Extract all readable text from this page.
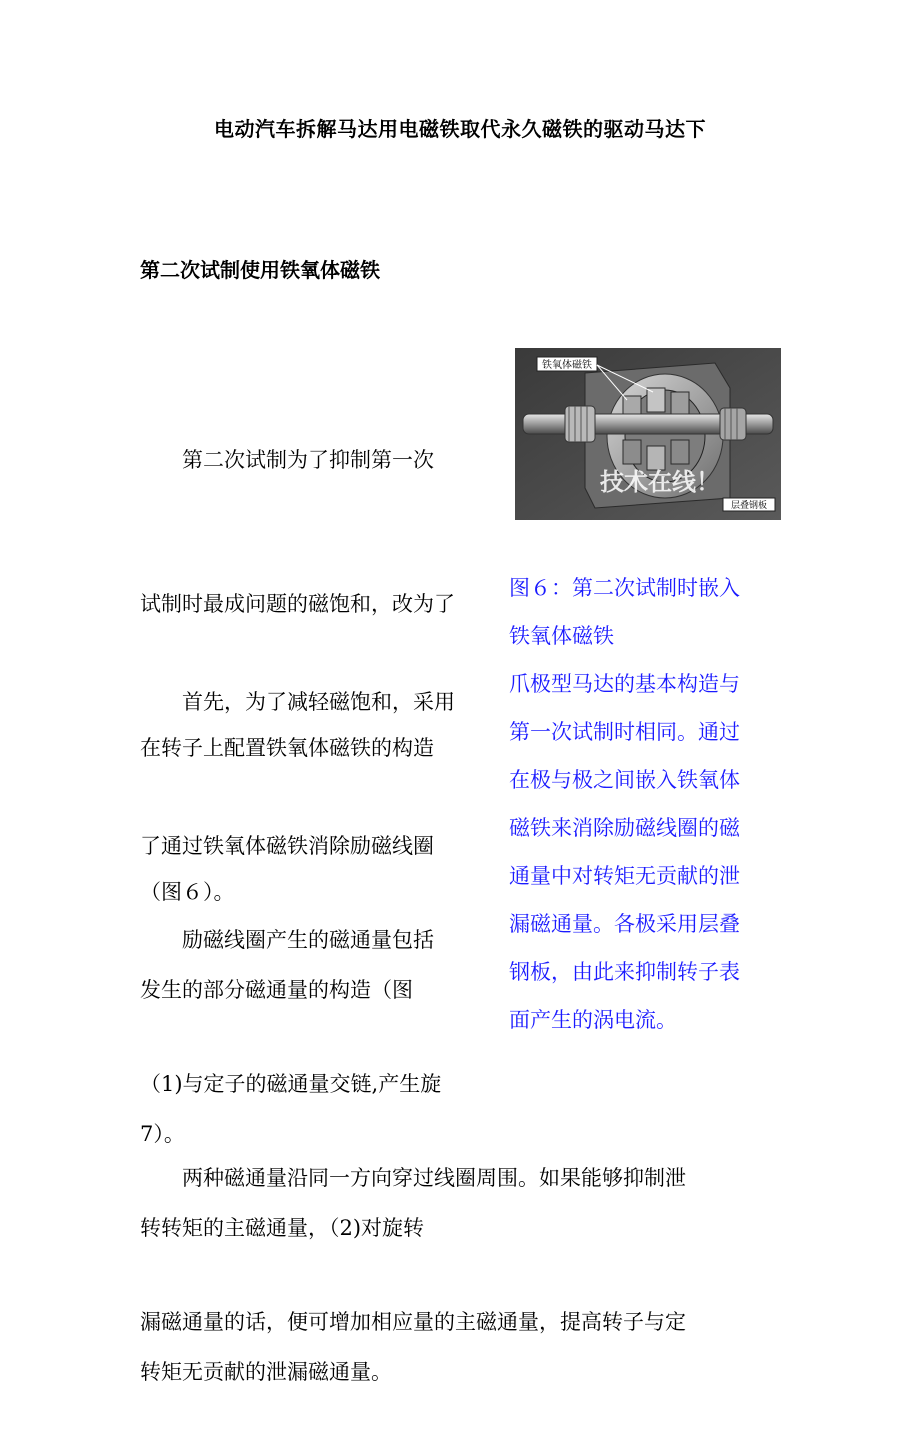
电动汽车拆解马达用电磁铁取代永久磁铁的驱动马达下
第二次试制使用铁氧体磁铁

　　第二次试制为了抑制第一次

试制时最成问题的磁饱和，改为了

在转子上配置铁氧体磁铁的构造

（图６）。

铁氧体磁铁
层叠钢板
技术在线！

　　首先，为了减轻磁饱和，采用

了通过铁氧体磁铁消除励磁线圈

发生的部分磁通量的构造（图

7）。

图６：第二次试制时嵌入
铁氧体磁铁
爪极型马达的基本构造与
第一次试制时相同。通过
在极与极之间嵌入铁氧体
磁铁来消除励磁线圈的磁
通量中对转矩无贡献的泄
漏磁通量。各极采用层叠
钢板，由此来抑制转子表
面产生的涡电流。

　　励磁线圈产生的磁通量包括

（1)与定子的磁通量交链,产生旋

转转矩的主磁通量，（2)对旋转

转矩无贡献的泄漏磁通量。

　　两种磁通量沿同一方向穿过线圈周围。如果能够抑制泄

漏磁通量的话，便可增加相应量的主磁通量，提高转子与定
